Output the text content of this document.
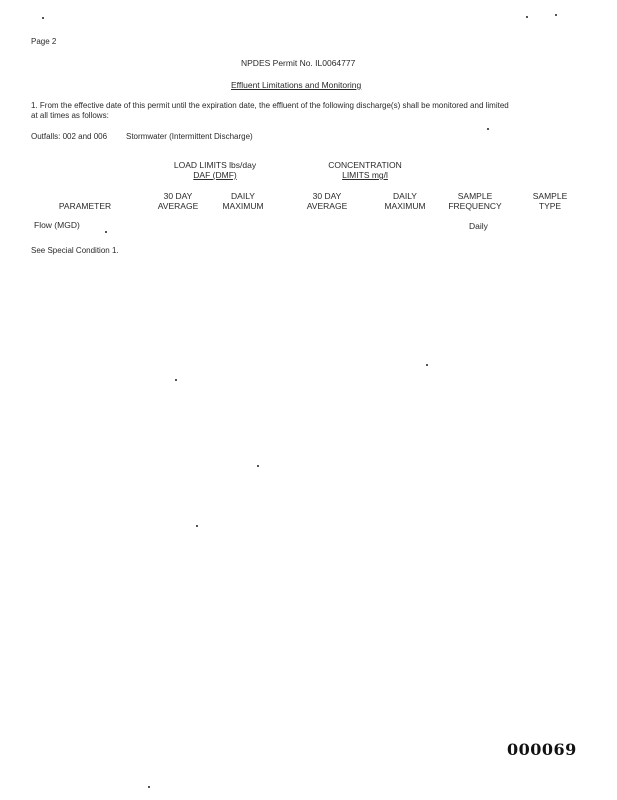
Page 2
NPDES Permit No. IL0064777
Effluent Limitations and Monitoring
1. From the effective date of this permit until the expiration date, the effluent of the following discharge(s) shall be monitored and limited
at all times as follows:
Outfalls: 002 and 006 Stormwater (Intermittent Discharge)
LOAD LIMITS lbs/day
DAF (DMF)
CONCENTRATION
LIMITS mg/l
PARAMETER
30 DAY
AVERAGE
DAILY
MAXIMUM
30 DAY
AVERAGE
DAILY
MAXIMUM
SAMPLE
FREQUENCY
SAMPLE
TYPE
Flow (MGD)	Daily
See Special Condition 1.
000069
